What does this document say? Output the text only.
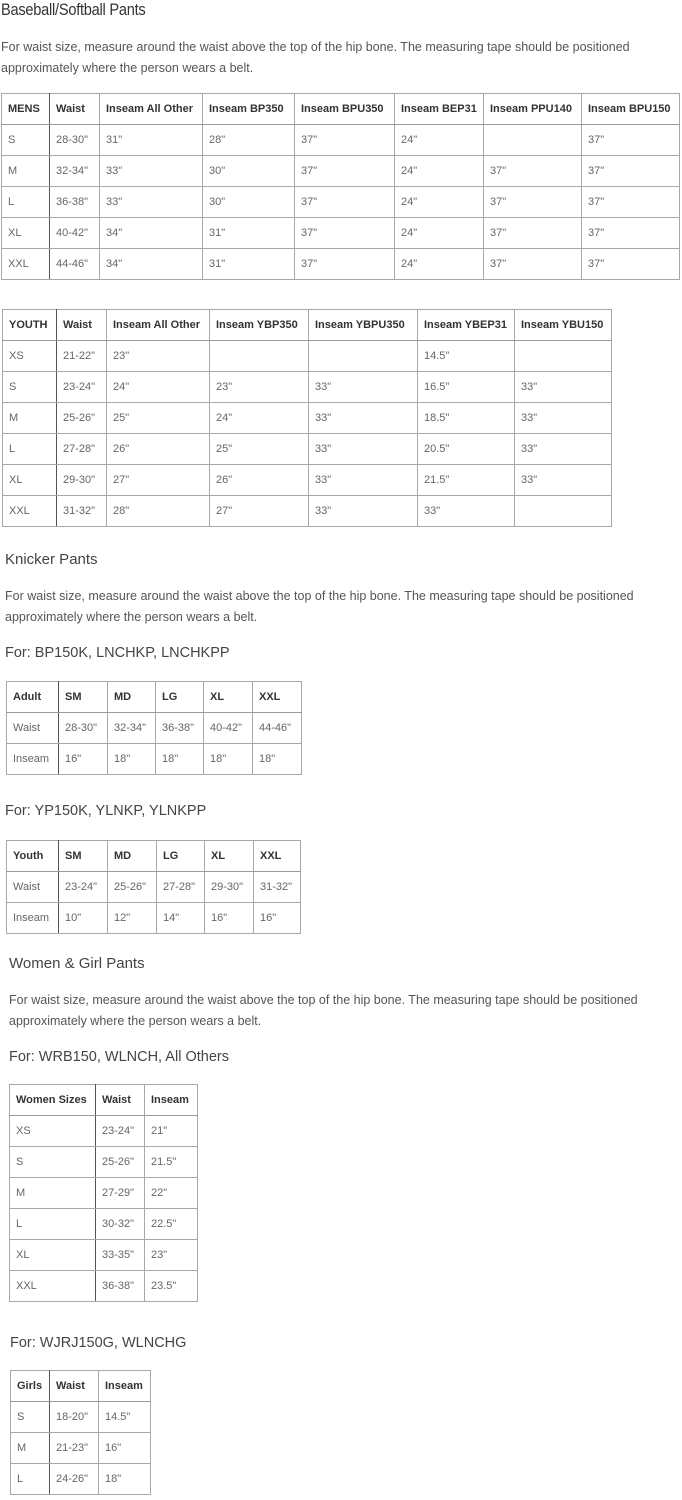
Baseball/Softball Pants
For waist size, measure around the waist above the top of the hip bone. The measuring tape should be positioned approximately where the person wears a belt.
MENS	Waist	Inseam All Other	Inseam BP350	Inseam BPU350	Inseam BEP31	Inseam PPU140	Inseam BPU150
S	28-30"	31"	28"	37"	24"		37"
M	32-34"	33"	30"	37"	24"	37"	37"
L	36-38"	33"	30"	37"	24"	37"	37"
XL	40-42"	34"	31"	37"	24"	37"	37"
XXL	44-46"	34"	31"	37"	24"	37"	37"
YOUTH	Waist	Inseam All Other	Inseam YBP350	Inseam YBPU350	Inseam YBEP31	Inseam YBU150
XS	21-22"	23"			14.5"	
S	23-24"	24"	23"	33"	16.5"	33"
M	25-26"	25"	24"	33"	18.5"	33"
L	27-28"	26"	25"	33"	20.5"	33"
XL	29-30"	27"	26"	33"	21.5"	33"
XXL	31-32"	28"	27"	33"	33"	
Knicker Pants
For waist size, measure around the waist above the top of the hip bone. The measuring tape should be positioned approximately where the person wears a belt.
For: BP150K, LNCHKP, LNCHKPP
Adult	SM	MD	LG	XL	XXL
Waist	28-30"	32-34"	36-38"	40-42"	44-46"
Inseam	16"	18"	18"	18"	18"
For: YP150K, YLNKP, YLNKPP
Youth	SM	MD	LG	XL	XXL
Waist	23-24"	25-26"	27-28"	29-30"	31-32"
Inseam	10"	12"	14"	16"	16"
Women & Girl Pants
For waist size, measure around the waist above the top of the hip bone. The measuring tape should be positioned approximately where the person wears a belt.
For: WRB150, WLNCH, All Others
Women Sizes	Waist	Inseam
XS	23-24"	21"
S	25-26"	21.5"
M	27-29"	22"
L	30-32"	22.5"
XL	33-35"	23"
XXL	36-38"	23.5"
For: WJRJ150G, WLNCHG
Girls	Waist	Inseam
S	18-20"	14.5"
M	21-23"	16"
L	24-26"	18"
